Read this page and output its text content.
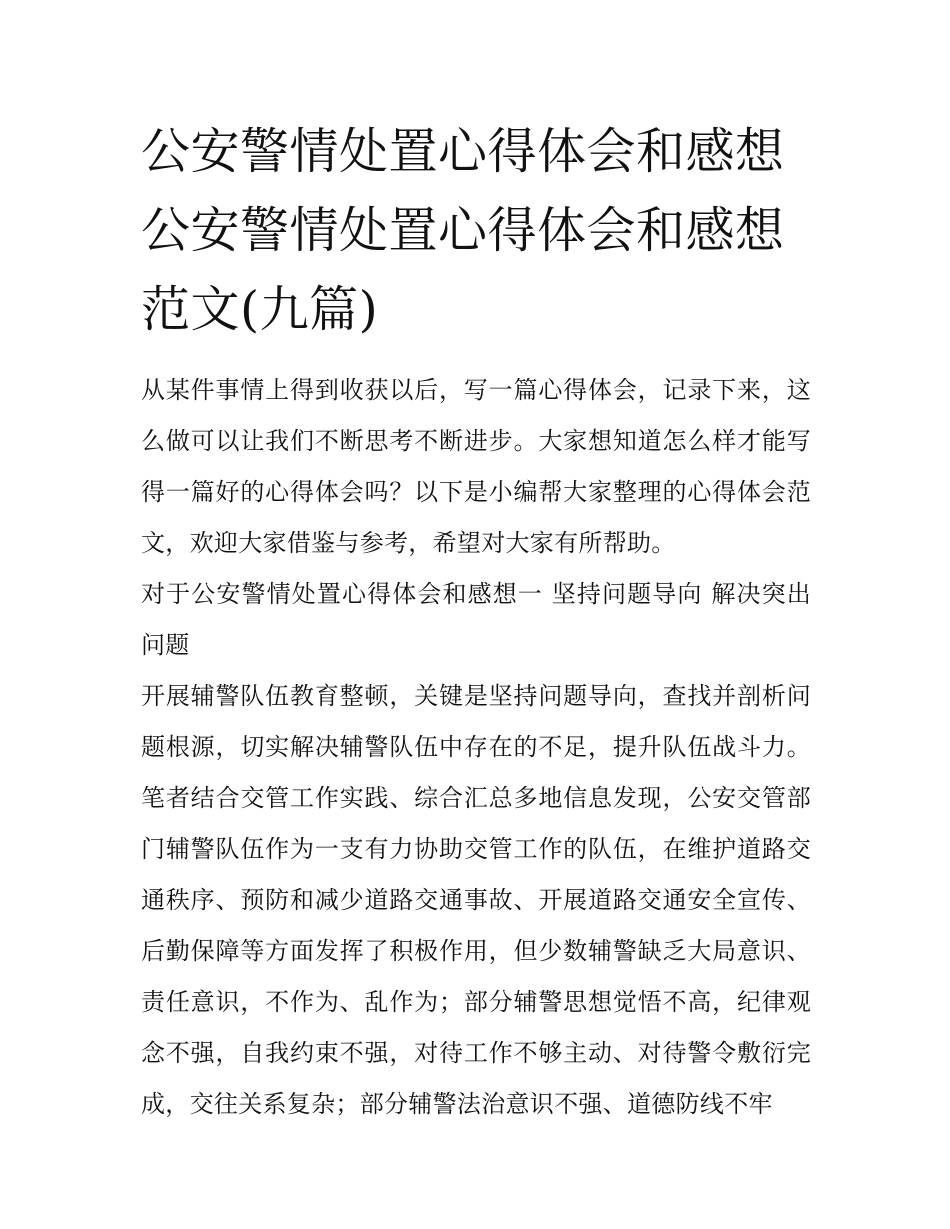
公安警情处置心得体会和感想公安警情处置心得体会和感想范文(九篇)

从某件事情上得到收获以后，写一篇心得体会，记录下来，这么做可以让我们不断思考不断进步。大家想知道怎么样才能写得一篇好的心得体会吗？以下是小编帮大家整理的心得体会范文，欢迎大家借鉴与参考，希望对大家有所帮助。

对于公安警情处置心得体会和感想一 坚持问题导向 解决突出问题

开展辅警队伍教育整顿，关键是坚持问题导向，查找并剖析问题根源，切实解决辅警队伍中存在的不足，提升队伍战斗力。笔者结合交管工作实践、综合汇总多地信息发现，公安交管部门辅警队伍作为一支有力协助交管工作的队伍，在维护道路交通秩序、预防和减少道路交通事故、开展道路交通安全宣传、后勤保障等方面发挥了积极作用，但少数辅警缺乏大局意识、责任意识，不作为、乱作为；部分辅警思想觉悟不高，纪律观念不强，自我约束不强，对待工作不够主动、对待警令敷衍完成，交往关系复杂；部分辅警法治意识不强、道德防线不牢
